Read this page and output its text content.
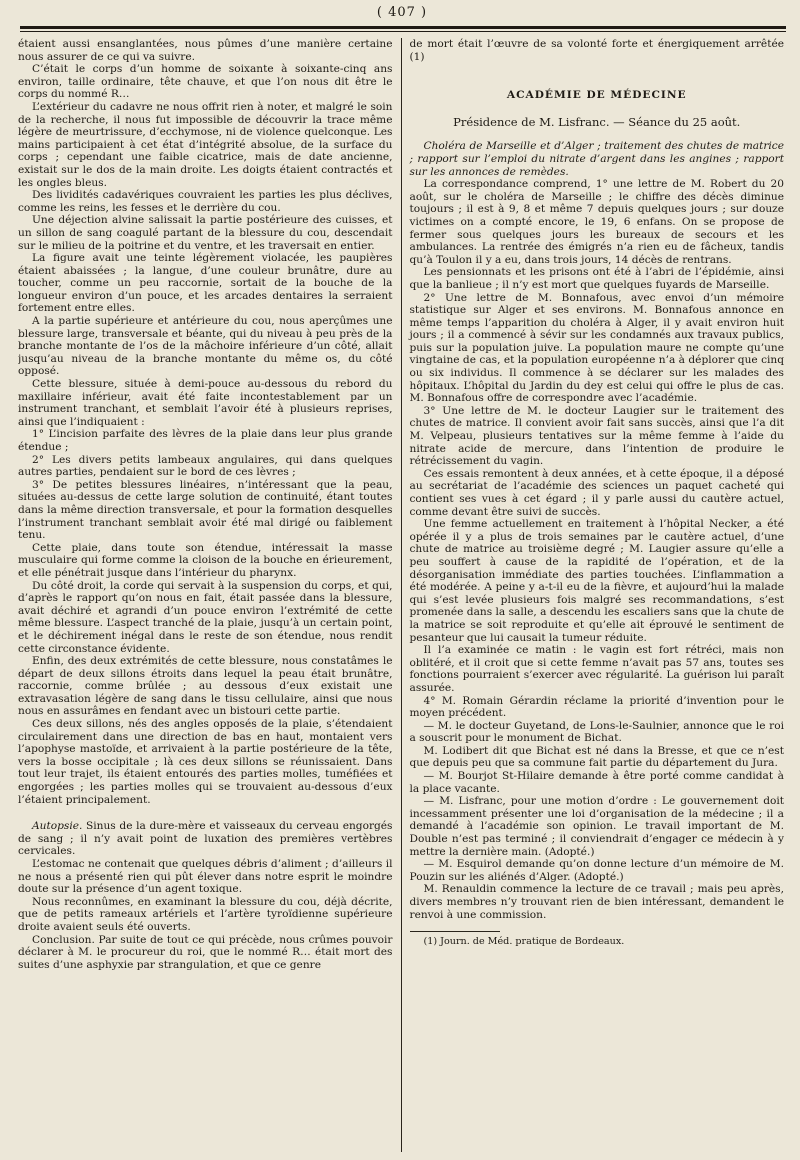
( 407 )

étaient aussi ensanglantées, nous pûmes d’une manière certaine nous assurer de ce qui va suivre.

C’était le corps d’un homme de soixante à soixante-cinq ans environ, taille ordinaire, tête chauve, et que l’on nous dit être le corps du nommé R…

L’extérieur du cadavre ne nous offrit rien à noter, et malgré le soin de la recherche, il nous fut impossible de découvrir la trace même légère de meurtrissure, d’ecchymose, ni de violence quelconque. Les mains participaient à cet état d’intégrité absolue, de la surface du corps ; cependant une faible cicatrice, mais de date ancienne, existait sur le dos de la main droite. Les doigts étaient contractés et les ongles bleus.

Des lividités cadavériques couvraient les parties les plus déclives, comme les reins, les fesses et le derrière du cou.

Une déjection alvine salissait la partie postérieure des cuisses, et un sillon de sang coagulé partant de la blessure du cou, descendait sur le milieu de la poitrine et du ventre, et les traversait en entier.

La figure avait une teinte légèrement violacée, les paupières étaient abaissées ; la langue, d’une couleur brunâtre, dure au toucher, comme un peu raccornie, sortait de la bouche de la longueur environ d’un pouce, et les arcades dentaires la serraient fortement entre elles.

A la partie supérieure et antérieure du cou, nous aperçûmes une blessure large, transversale et béante, qui du niveau à peu près de la branche montante de l’os de la mâchoire inférieure d’un côté, allait jusqu’au niveau de la branche montante du même os, du côté opposé.

Cette blessure, située à demi-pouce au-dessous du rebord du maxillaire inférieur, avait été faite incontestablement par un instrument tranchant, et semblait l’avoir été à plusieurs reprises, ainsi que l’indiquaient :

1° L’incision parfaite des lèvres de la plaie dans leur plus grande étendue ;

2° Les divers petits lambeaux angulaires, qui dans quelques autres parties, pendaient sur le bord de ces lèvres ;

3° De petites blessures linéaires, n’intéressant que la peau, situées au-dessus de cette large solution de continuité, étant toutes dans la même direction transversale, et pour la formation desquelles l’instrument tranchant semblait avoir été mal dirigé ou faiblement tenu.

Cette plaie, dans toute son étendue, intéressait la masse musculaire qui forme comme la cloison de la bouche en érieurement, et elle pénétrait jusque dans l’intérieur du pharynx.

Du côté droit, la corde qui servait à la suspension du corps, et qui, d’après le rapport qu’on nous en fait, était passée dans la blessure, avait déchiré et agrandi d’un pouce environ l’extrémité de cette même blessure. L’aspect tranché de la plaie, jusqu’à un certain point, et le déchirement inégal dans le reste de son étendue, nous rendit cette circonstance évidente.

Enfin, des deux extrémités de cette blessure, nous constatâmes le départ de deux sillons étroits dans lequel la peau était brunâtre, raccornie, comme brûlée ; au dessous d’eux existait une extravasation légère de sang dans le tissu cellulaire, ainsi que nous nous en assurâmes en fendant avec un bistouri cette partie.

Ces deux sillons, nés des angles opposés de la plaie, s’étendaient circulairement dans une direction de bas en haut, montaient vers l’apophyse mastoïde, et arrivaient à la partie postérieure de la tête, vers la bosse occipitale ; là ces deux sillons se réunissaient. Dans tout leur trajet, ils étaient entourés des parties molles, tuméfiées et engorgées ; les parties molles qui se trouvaient au-dessous d’eux l’étaient principalement.

Autopsie. Sinus de la dure-mère et vaisseaux du cerveau engorgés de sang ; il n’y avait point de luxation des premières vertèbres cervicales.

L’estomac ne contenait que quelques débris d’aliment ; d’ailleurs il ne nous a présenté rien qui pût élever dans notre esprit le moindre doute sur la présence d’un agent toxique.

Nous reconnûmes, en examinant la blessure du cou, déjà décrite, que de petits rameaux artériels et l’artère tyroïdienne supérieure droite avaient seuls été ouverts.

Conclusion. Par suite de tout ce qui précède, nous crûmes pouvoir déclarer à M. le procureur du roi, que le nommé R… était mort des suites d’une asphyxie par strangulation, et que ce genre

de mort était l’œuvre de sa volonté forte et énergiquement arrêtée (1)

ACADÉMIE DE MÉDECINE
Présidence de M. Lisfranc. — Séance du 25 août.

Choléra de Marseille et d’Alger ; traitement des chutes de matrice ; rapport sur l’emploi du nitrate d’argent dans les angines ; rapport sur les annonces de remèdes.

La correspondance comprend, 1° une lettre de M. Robert du 20 août, sur le choléra de Marseille ; le chiffre des décès diminue toujours ; il est à 9, 8 et même 7 depuis quelques jours ; sur douze victimes on a compté encore, le 19, 6 enfans. On se propose de fermer sous quelques jours les bureaux de secours et les ambulances. La rentrée des émigrés n’a rien eu de fâcheux, tandis qu’à Toulon il y a eu, dans trois jours, 14 décès de rentrans.

Les pensionnats et les prisons ont été à l’abri de l’épidémie, ainsi que la banlieue ; il n’y est mort que quelques fuyards de Marseille.

2° Une lettre de M. Bonnafous, avec envoi d’un mémoire statistique sur Alger et ses environs. M. Bonnafous annonce en même temps l’apparition du choléra à Alger, il y avait environ huit jours ; il a commencé à sévir sur les condamnés aux travaux publics, puis sur la population juive. La population maure ne compte qu’une vingtaine de cas, et la population européenne n’a à déplorer que cinq ou six individus. Il commence à se déclarer sur les malades des hôpitaux. L’hôpital du Jardin du dey est celui qui offre le plus de cas. M. Bonnafous offre de correspondre avec l’académie.

3° Une lettre de M. le docteur Laugier sur le traitement des chutes de matrice. Il convient avoir fait sans succès, ainsi que l’a dit M. Velpeau, plusieurs tentatives sur la même femme à l’aide du nitrate acide de mercure, dans l’intention de produire le rétrécissement du vagin.

Ces essais remontent à deux années, et à cette époque, il a déposé au secrétariat de l’académie des sciences un paquet cacheté qui contient ses vues à cet égard ; il y parle aussi du cautère actuel, comme devant être suivi de succès.

Une femme actuellement en traitement à l’hôpital Necker, a été opérée il y a plus de trois semaines par le cautère actuel, d’une chute de matrice au troisième degré ; M. Laugier assure qu’elle a peu souffert à cause de la rapidité de l’opération, et de la désorganisation immédiate des parties touchées. L’inflammation a été modérée. A peine y a-t-il eu de la fièvre, et aujourd’hui la malade qui s’est levée plusieurs fois malgré ses recommandations, s’est promenée dans la salle, a descendu les escaliers sans que la chute de la matrice se soit reproduite et qu’elle ait éprouvé le sentiment de pesanteur que lui causait la tumeur réduite.

Il l’a examinée ce matin : le vagin est fort rétréci, mais non oblitéré, et il croit que si cette femme n’avait pas 57 ans, toutes ses fonctions pourraient s’exercer avec régularité. La guérison lui paraît assurée.

4° M. Romain Gérardin réclame la priorité d’invention pour le moyen précédent.

— M. le docteur Guyetand, de Lons-le-Saulnier, annonce que le roi a souscrit pour le monument de Bichat.

M. Lodibert dit que Bichat est né dans la Bresse, et que ce n’est que depuis peu que sa commune fait partie du département du Jura.

— M. Bourjot St-Hilaire demande à être porté comme candidat à la place vacante.

— M. Lisfranc, pour une motion d’ordre : Le gouvernement doit incessamment présenter une loi d’organisation de la médecine ; il a demandé à l’académie son opinion. Le travail important de M. Double n’est pas terminé ; il conviendrait d’engager ce médecin à y mettre la dernière main. (Adopté.)

— M. Esquirol demande qu’on donne lecture d’un mémoire de M. Pouzin sur les aliénés d’Alger. (Adopté.)

M. Renauldin commence la lecture de ce travail ; mais peu après, divers membres n’y trouvant rien de bien intéressant, demandent le renvoi à une commission.

(1) Journ. de Méd. pratique de Bordeaux.
